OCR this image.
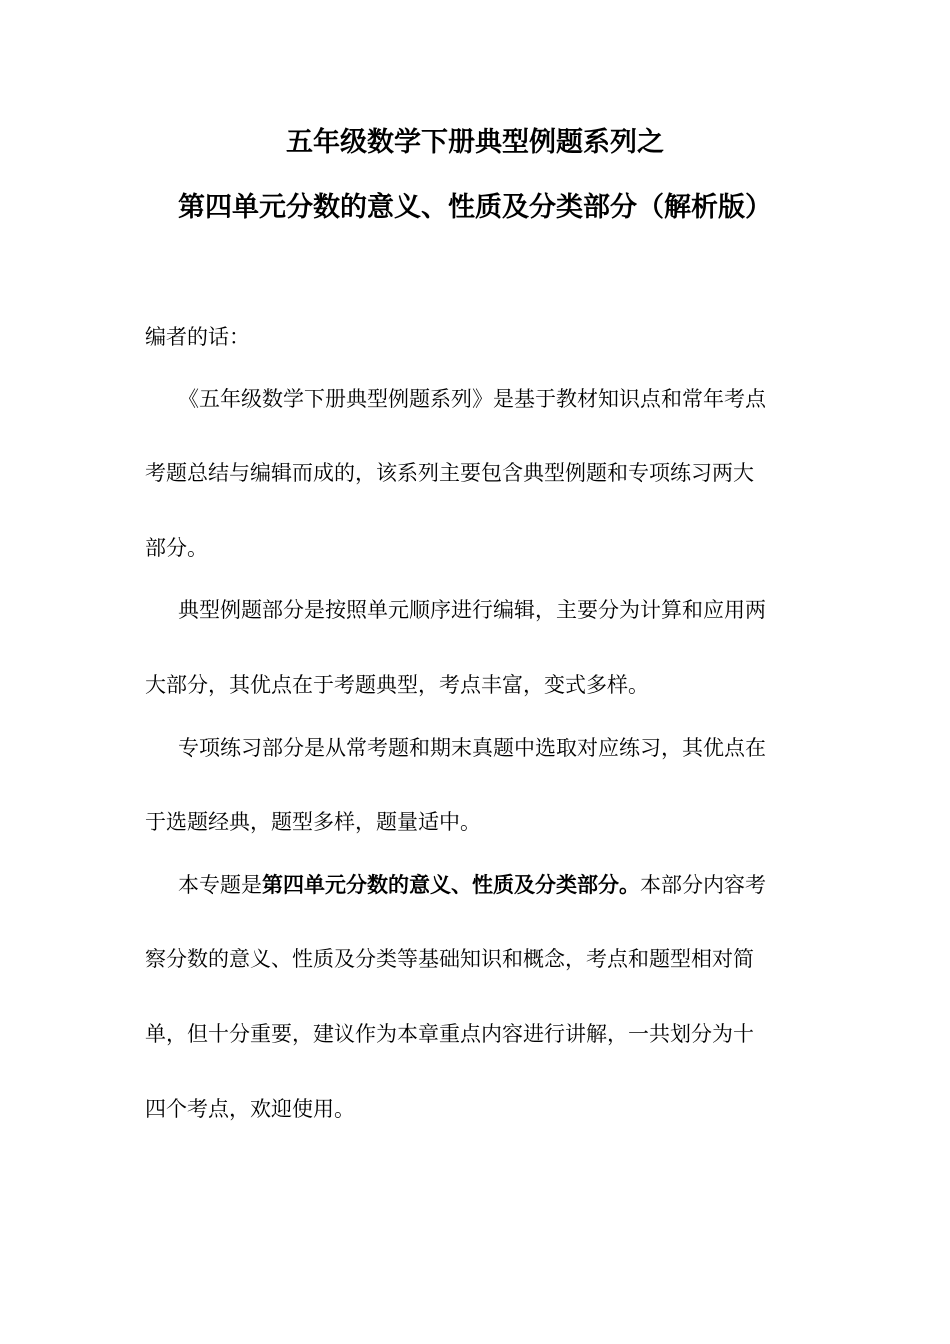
五年级数学下册典型例题系列之
第四单元分数的意义、性质及分类部分（解析版）
编者的话：
《五年级数学下册典型例题系列》是基于教材知识点和常年考点
考题总结与编辑而成的，该系列主要包含典型例题和专项练习两大
部分。
典型例题部分是按照单元顺序进行编辑，主要分为计算和应用两
大部分，其优点在于考题典型，考点丰富，变式多样。
专项练习部分是从常考题和期末真题中选取对应练习，其优点在
于选题经典，题型多样，题量适中。
本专题是第四单元分数的意义、性质及分类部分。本部分内容考
察分数的意义、性质及分类等基础知识和概念，考点和题型相对简
单，但十分重要，建议作为本章重点内容进行讲解，一共划分为十
四个考点，欢迎使用。
